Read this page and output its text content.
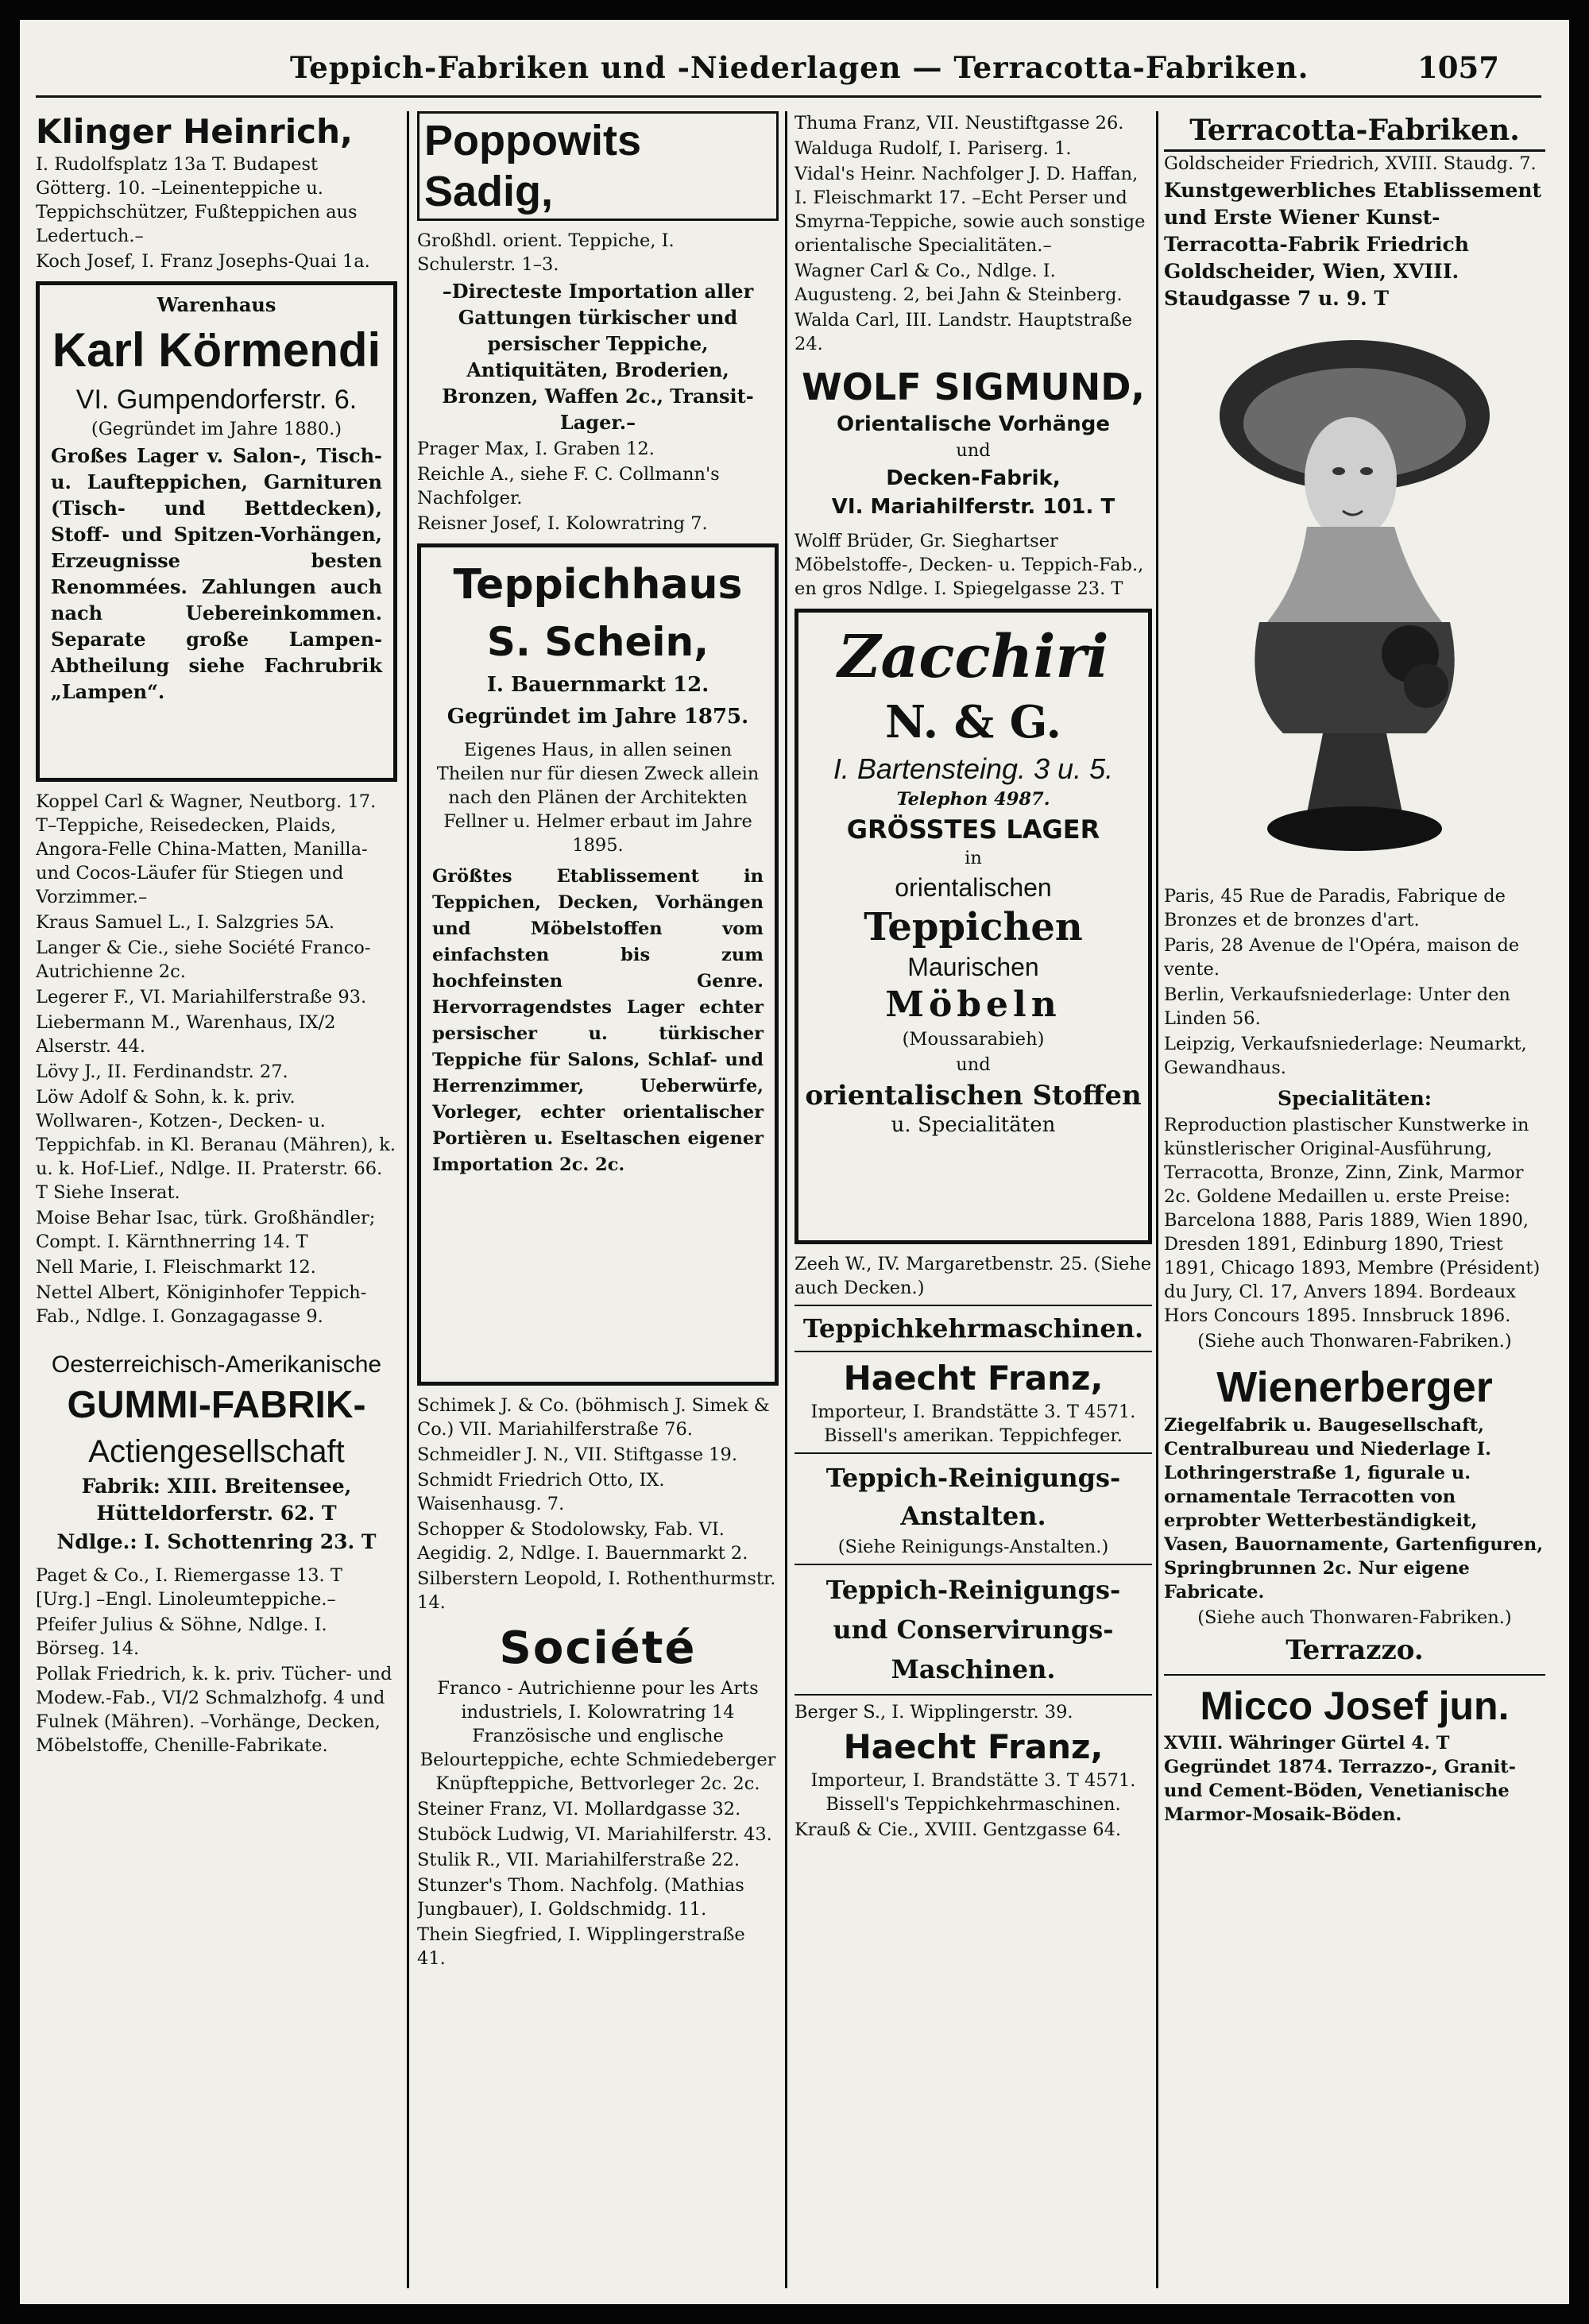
Teppich-Fabriken und -Niederlagen — Terracotta-Fabriken.	1057
Klinger Heinrich,

I. Rudolfsplatz 13a T. Budapest Götterg. 10. –Leinenteppiche u. Teppichschützer, Fußteppichen aus Ledertuch.–

Koch Josef, I. Franz Josephs-Quai 1a.

Warenhaus
Karl Körmendi
VI. Gumpendorferstr. 6.
(Gegründet im Jahre 1880.)
Großes Lager v. Salon-, Tisch- u. Laufteppichen, Garnituren (Tisch- und Bettdecken), Stoff- und Spitzen-Vorhängen, Erzeugnisse besten Renommées. Zahlungen auch nach Uebereinkommen. Separate große Lampen-Abtheilung siehe Fachrubrik „Lampen“.

Koppel Carl & Wagner, Neutborg. 17. T–Teppiche, Reisedecken, Plaids, Angora-Felle China-Matten, Manilla- und Cocos-Läufer für Stiegen und Vorzimmer.–

Kraus Samuel L., I. Salzgries 5A.

Langer & Cie., siehe Société Franco-Autrichienne 2c.

Legerer F., VI. Mariahilferstraße 93.

Liebermann M., Warenhaus, IX/2 Alserstr. 44.

Lövy J., II. Ferdinandstr. 27.

Löw Adolf & Sohn, k. k. priv. Wollwaren-, Kotzen-, Decken- u. Teppichfab. in Kl. Beranau (Mähren), k. u. k. Hof-Lief., Ndlge. II. Praterstr. 66. T Siehe Inserat.

Moise Behar Isac, türk. Großhändler; Compt. I. Kärnthnerring 14. T

Nell Marie, I. Fleischmarkt 12.

Nettel Albert, Königinhofer Teppich-Fab., Ndlge. I. Gonzagagasse 9.

Oesterreichisch-Amerikanische
GUMMI-FABRIK-
Actiengesellschaft
Fabrik: XIII. Breitensee, Hütteldorferstr. 62. T
Ndlge.: I. Schottenring 23. T

Paget & Co., I. Riemergasse 13. T [Urg.] –Engl. Linoleumteppiche.–

Pfeifer Julius & Söhne, Ndlge. I. Börseg. 14.

Pollak Friedrich, k. k. priv. Tücher- und Modew.-Fab., VI/2 Schmalzhofg. 4 und Fulnek (Mähren). –Vorhänge, Decken, Möbelstoffe, Chenille-Fabrikate.

Poppowits Sadig,

Großhdl. orient. Teppiche, I. Schulerstr. 1–3.

–Directeste Importation aller Gattungen türkischer und persischer Teppiche, Antiquitäten, Broderien, Bronzen, Waffen 2c., Transit-Lager.–

Prager Max, I. Graben 12.

Reichle A., siehe F. C. Collmann's Nachfolger.

Reisner Josef, I. Kolowratring 7.

Teppichhaus
S. Schein,
I. Bauernmarkt 12.
Gegründet im Jahre 1875.
Eigenes Haus, in allen seinen Theilen nur für diesen Zweck allein nach den Plänen der Architekten Fellner u. Helmer erbaut im Jahre 1895.
Größtes Etablissement in Teppichen, Decken, Vorhängen und Möbelstoffen vom einfachsten bis zum hochfeinsten Genre. Hervorragendstes Lager echter persischer u. türkischer Teppiche für Salons, Schlaf- und Herrenzimmer, Ueberwürfe, Vorleger, echter orientalischer Portièren u. Eseltaschen eigener Importation 2c. 2c.

Schimek J. & Co. (böhmisch J. Simek & Co.) VII. Mariahilferstraße 76.

Schmeidler J. N., VII. Stiftgasse 19.

Schmidt Friedrich Otto, IX. Waisenhausg. 7.

Schopper & Stodolowsky, Fab. VI. Aegidig. 2, Ndlge. I. Bauernmarkt 2.

Silberstern Leopold, I. Rothenthurmstr. 14.

Société

Franco - Autrichienne pour les Arts industriels, I. Kolowratring 14 Französische und englische Belourteppiche, echte Schmiedeberger Knüpfteppiche, Bettvorleger 2c. 2c.

Steiner Franz, VI. Mollardgasse 32.

Stuböck Ludwig, VI. Mariahilferstr. 43.

Stulik R., VII. Mariahilferstraße 22.

Stunzer's Thom. Nachfolg. (Mathias Jungbauer), I. Goldschmidg. 11.

Thein Siegfried, I. Wipplingerstraße 41.

Thuma Franz, VII. Neustiftgasse 26.

Walduga Rudolf, I. Pariserg. 1.

Vidal's Heinr. Nachfolger J. D. Haffan, I. Fleischmarkt 17. –Echt Perser und Smyrna-Teppiche, sowie auch sonstige orientalische Specialitäten.–

Wagner Carl & Co., Ndlge. I. Augusteng. 2, bei Jahn & Steinberg.

Walda Carl, III. Landstr. Hauptstraße 24.

WOLF SIGMUND,
Orientalische Vorhänge
und
Decken-Fabrik,
VI. Mariahilferstr. 101. T

Wolff Brüder, Gr. Sieghartser Möbelstoffe-, Decken- u. Teppich-Fab., en gros Ndlge. I. Spiegelgasse 23. T

Zacchiri
N. & G.
I. Bartensteing. 3 u. 5.
Telephon 4987.
GRÖSSTES LAGER
in
orientalischen
Teppichen
Maurischen
Möbeln
(Moussarabieh)
und
orientalischen Stoffen
u. Specialitäten

Zeeh W., IV. Margaretbenstr. 25. (Siehe auch Decken.)

Teppichkehrmaschinen.
Haecht Franz,

Importeur, I. Brandstätte 3. T 4571. Bissell's amerikan. Teppichfeger.

Teppich-Reinigungs-Anstalten.

(Siehe Reinigungs-Anstalten.)

Teppich-Reinigungs- und Conservirungs-Maschinen.

Berger S., I. Wipplingerstr. 39.

Haecht Franz,

Importeur, I. Brandstätte 3. T 4571. Bissell's Teppichkehrmaschinen.

Krauß & Cie., XVIII. Gentzgasse 64.

Terracotta-Fabriken.

Goldscheider Friedrich, XVIII. Staudg. 7.

Kunstgewerbliches Etablissement und Erste Wiener Kunst-Terracotta-Fabrik Friedrich Goldscheider, Wien, XVIII. Staudgasse 7 u. 9. T

Paris, 45 Rue de Paradis, Fabrique de Bronzes et de bronzes d'art.

Paris, 28 Avenue de l'Opéra, maison de vente.

Berlin, Verkaufsniederlage: Unter den Linden 56.

Leipzig, Verkaufsniederlage: Neumarkt, Gewandhaus.

Specialitäten:

Reproduction plastischer Kunstwerke in künstlerischer Original-Ausführung, Terracotta, Bronze, Zinn, Zink, Marmor 2c. Goldene Medaillen u. erste Preise: Barcelona 1888, Paris 1889, Wien 1890, Dresden 1891, Edinburg 1890, Triest 1891, Chicago 1893, Membre (Président) du Jury, Cl. 17, Anvers 1894. Bordeaux Hors Concours 1895. Innsbruck 1896.

(Siehe auch Thonwaren-Fabriken.)

Wienerberger

Ziegelfabrik u. Baugesellschaft, Centralbureau und Niederlage I. Lothringerstraße 1, figurale u. ornamentale Terracotten von erprobter Wetterbeständigkeit, Vasen, Bauornamente, Gartenfiguren, Springbrunnen 2c. Nur eigene Fabricate.

(Siehe auch Thonwaren-Fabriken.)

Terrazzo.
Micco Josef jun.

XVIII. Währinger Gürtel 4. T Gegründet 1874. Terrazzo-, Granit- und Cement-Böden, Venetianische Marmor-Mosaik-Böden.
